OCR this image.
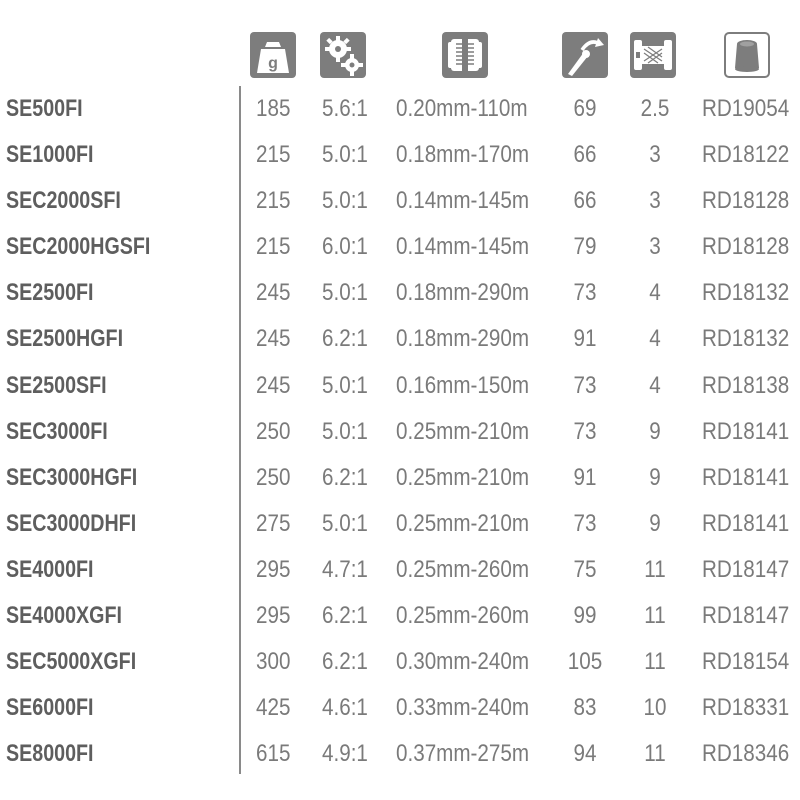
g
SE500FI	185 5.6:1 0.20mm-110m	69	2.5 RD19054
SE1000FI	215 5.0:1 0.18mm-170m	66	3	RD18122
SEC2000SFI	215 5.0:1 0.14mm-145m	66	3	RD18128
SEC2000HGSFI	215 6.0:1 0.14mm-145m	79	3	RD18128
SE2500FI	245 5.0:1 0.18mm-290m	73	4	RD18132
SE2500HGFI	245 6.2:1 0.18mm-290m	91	4	RD18132
SE2500SFI	245 5.0:1 0.16mm-150m	73	4	RD18138
SEC3000FI	250 5.0:1 0.25mm-210m	73	9	RD18141
SEC3000HGFI	250 6.2:1 0.25mm-210m	91	9	RD18141
SEC3000DHFI	275 5.0:1 0.25mm-210m	73	9	RD18141
SE4000FI	295 4.7:1 0.25mm-260m	75	11	RD18147
SE4000XGFI	295 6.2:1 0.25mm-260m	99	11	RD18147
SEC5000XGFI	300 6.2:1 0.30mm-240m 105	11	RD18154
SE6000FI	425 4.6:1 0.33mm-240m	83	10	RD18331
SE8000FI	615 4.9:1 0.37mm-275m	94	11	RD18346
